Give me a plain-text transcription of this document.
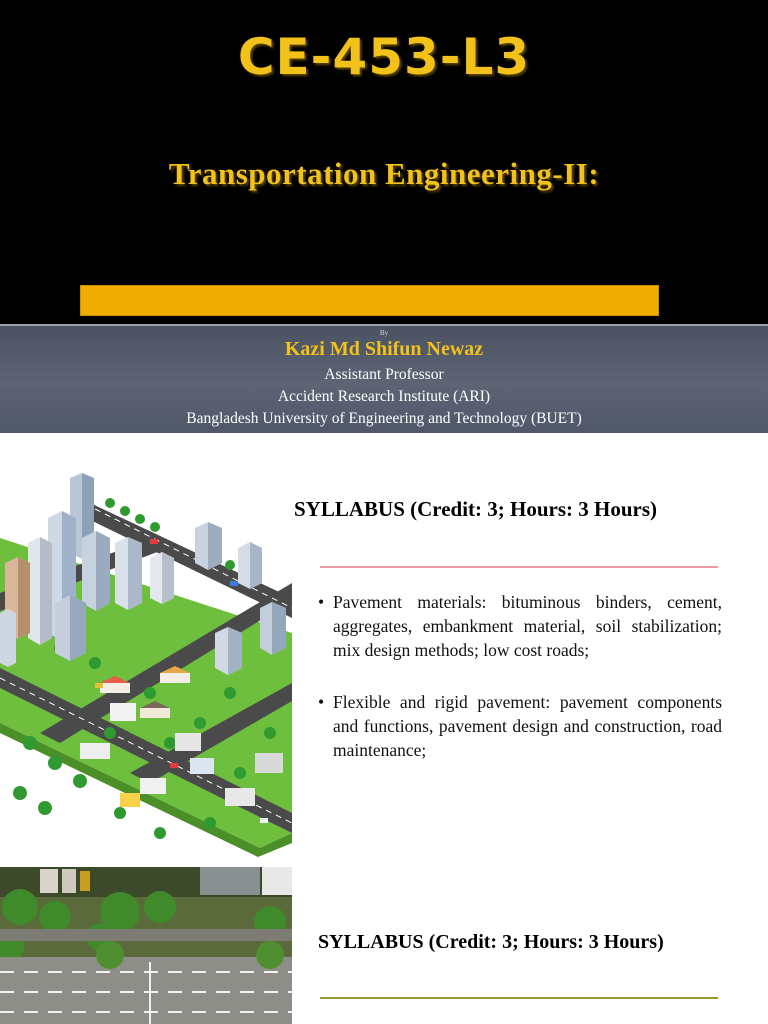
CE-453-L3
Transportation Engineering-II:
By
Kazi Md Shifun Newaz
Assistant Professor
Accident Research Institute (ARI)
Bangladesh University of Engineering and Technology (BUET)
SYLLABUS (Credit: 3; Hours: 3 Hours)
• Pavement materials: bituminous binders, cement, aggregates, embankment material, soil stabilization; mix design methods; low cost roads;
• Flexible and rigid pavement: pavement components and functions, pavement design and construction, road maintenance;
SYLLABUS (Credit: 3; Hours: 3 Hours)
